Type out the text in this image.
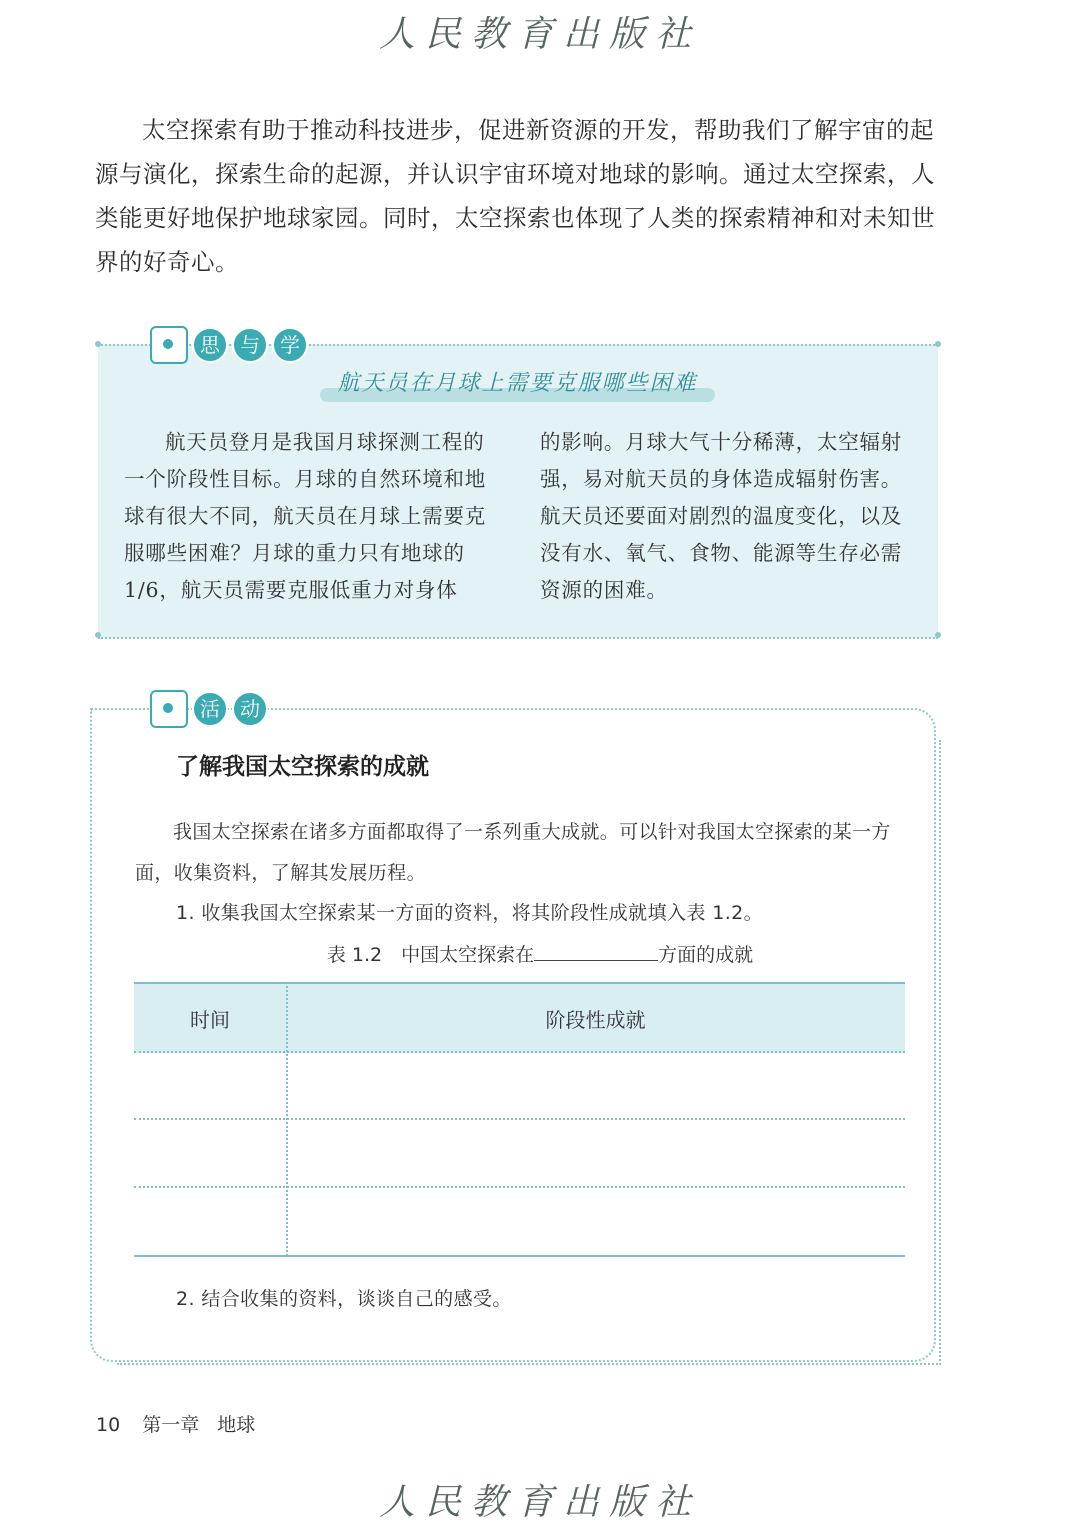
人民教育出版社

太空探索有助于推动科技进步，促进新资源的开发，帮助我们了解宇宙的起源与演化，探索生命的起源，并认识宇宙环境对地球的影响。通过太空探索，人类能更好地保护地球家园。同时，太空探索也体现了人类的探索精神和对未知世界的好奇心。

思	与	学
航天员在月球上需要克服哪些困难

航天员登月是我国月球探测工程的一个阶段性目标。月球的自然环境和地球有很大不同，航天员在月球上需要克服哪些困难？月球的重力只有地球的1/6，航天员需要克服低重力对身体

的影响。月球大气十分稀薄，太空辐射强，易对航天员的身体造成辐射伤害。航天员还要面对剧烈的温度变化，以及没有水、氧气、食物、能源等生存必需资源的困难。

活	动
了解我国太空探索的成就

我国太空探索在诸多方面都取得了一系列重大成就。可以针对我国太空探索的某一方面，收集资料，了解其发展历程。

1. 收集我国太空探索某一方面的资料，将其阶段性成就填入表 1.2。

表 1.2　中国太空探索在	方面的成就
时间	阶段性成就

2. 结合收集的资料，谈谈自己的感受。

10 第一章 地球
人民教育出版社
